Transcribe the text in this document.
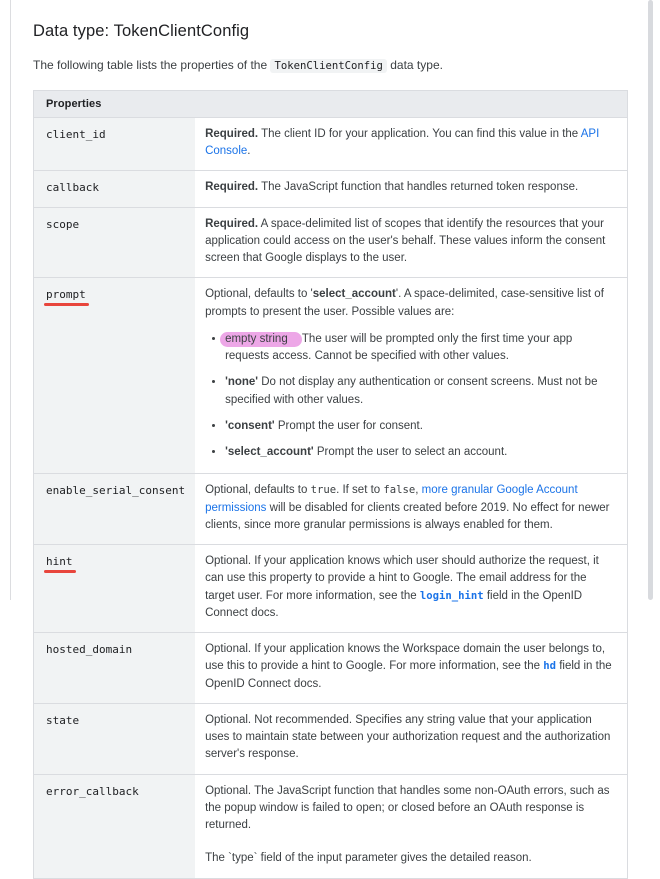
Data type: TokenClientConfig

The following table lists the properties of the TokenClientConfig data type.

Properties	
client_id	Required. The client ID for your application. You can find this value in the API Console.

callback	Required. The JavaScript function that handles returned token response.

scope	Required. A space-delimited list of scopes that identify the resources that your application could access on the user's behalf. These values inform the consent screen that Google displays to the user.

prompt	Optional, defaults to 'select_account'. A space-delimited, case-sensitive list of prompts to present the user. Possible values are:

• empty string The user will be prompted only the first time your app requests access. Cannot be specified with other values.
• 'none' Do not display any authentication or consent screens. Must not be specified with other values.
• 'consent' Prompt the user for consent.
• 'select_account' Prompt the user to select an account.

enable_serial_consent	Optional, defaults to true. If set to false, more granular Google Account permissions will be disabled for clients created before 2019. No effect for newer clients, since more granular permissions is always enabled for them.

hint	Optional. If your application knows which user should authorize the request, it can use this property to provide a hint to Google. The email address for the target user. For more information, see the login_hint field in the OpenID Connect docs.

hosted_domain	Optional. If your application knows the Workspace domain the user belongs to, use this to provide a hint to Google. For more information, see the hd field in the OpenID Connect docs.

state	Optional. Not recommended. Specifies any string value that your application uses to maintain state between your authorization request and the authorization server's response.

error_callback	Optional. The JavaScript function that handles some non-OAuth errors, such as the popup window is failed to open; or closed before an OAuth response is returned.

The `type` field of the input parameter gives the detailed reason.
